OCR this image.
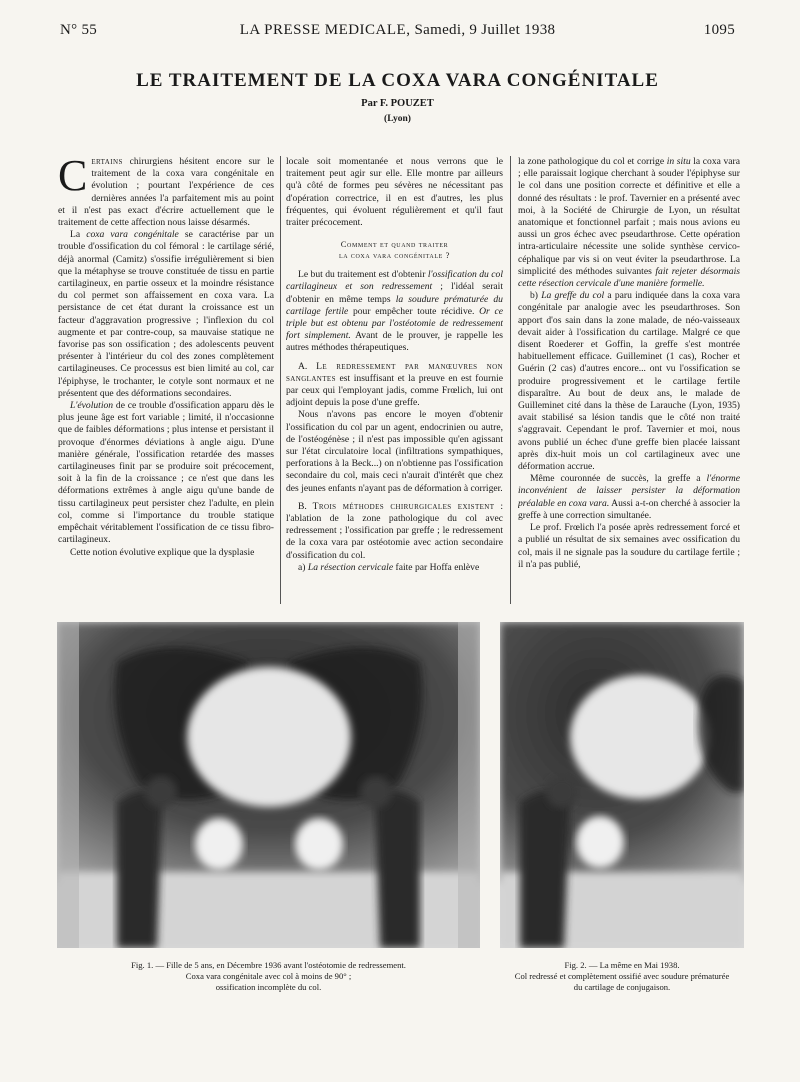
N° 55	LA PRESSE MEDICALE, Samedi, 9 Juillet 1938	1095
LE TRAITEMENT DE LA COXA VARA CONGÉNITALE
Par F. POUZET
(Lyon)

Certains chirurgiens hésitent encore sur le traitement de la coxa vara congénitale en évolution ; pourtant l'expérience de ces dernières années l'a parfaitement mis au point et il n'est pas exact d'écrire actuellement que le traitement de cette affection nous laisse désarmés.

La coxa vara congénitale se caractérise par un trouble d'ossification du col fémoral : le cartilage sérié, déjà anormal (Camitz) s'ossifie irrégulièrement si bien que la métaphyse se trouve constituée de tissu en partie cartilagineux, en partie osseux et la moindre résistance du col permet son affaissement en coxa vara. La persistance de cet état durant la croissance est un facteur d'aggravation progressive ; l'inflexion du col augmente et par contre-coup, sa mauvaise statique ne favorise pas son ossification ; des adolescents peuvent présenter à l'intérieur du col des zones complètement cartilagineuses. Ce processus est bien limité au col, car l'épiphyse, le trochanter, le cotyle sont normaux et ne présentent que des déformations secondaires.

L'évolution de ce trouble d'ossification apparu dès le plus jeune âge est fort variable ; limité, il n'occasionne que de faibles déformations ; plus intense et persistant il provoque d'énormes déviations à angle aigu. D'une manière générale, l'ossification retardée des masses cartilagineuses finit par se produire soit précocement, soit à la fin de la croissance ; ce n'est que dans les déformations extrêmes à angle aigu qu'une bande de tissu cartilagineux peut persister chez l'adulte, en plein col, comme si l'importance du trouble statique empêchait véritablement l'ossification de ce tissu fibro-cartilagineux.

Cette notion évolutive explique que la dysplasie

locale soit momentanée et nous verrons que le traitement peut agir sur elle. Elle montre par ailleurs qu'à côté de formes peu sévères ne nécessitant pas d'opération correctrice, il en est d'autres, les plus fréquentes, qui évoluent régulièrement et qu'il faut traiter précocement.

Comment et quand traiter
la coxa vara congénitale ?

Le but du traitement est d'obtenir l'ossification du col cartilagineux et son redressement ; l'idéal serait d'obtenir en même temps la soudure prématurée du cartilage fertile pour empêcher toute récidive. Or ce triple but est obtenu par l'ostéotomie de redressement fort simplement. Avant de le prouver, je rappelle les autres méthodes thérapeutiques.

A. Le redressement par manœuvres non sanglantes est insuffisant et la preuve en est fournie par ceux qui l'employant jadis, comme Frœlich, lui ont adjoint depuis la pose d'une greffe.

Nous n'avons pas encore le moyen d'obtenir l'ossification du col par un agent, endocrinien ou autre, de l'ostéogénèse ; il n'est pas impossible qu'en agissant sur l'état circulatoire local (infiltrations sympathiques, perforations à la Beck...) on n'obtienne pas l'ossification secondaire du col, mais ceci n'aurait d'intérêt que chez des jeunes enfants n'ayant pas de déformation à corriger.

B. Trois méthodes chirurgicales existent : l'ablation de la zone pathologique du col avec redressement ; l'ossification par greffe ; le redressement de la coxa vara par ostéotomie avec action secondaire d'ossification du col.

a) La résection cervicale faite par Hoffa enlève

la zone pathologique du col et corrige in situ la coxa vara ; elle paraissait logique cherchant à souder l'épiphyse sur le col dans une position correcte et définitive et elle a donné des résultats : le prof. Tavernier en a présenté avec moi, à la Société de Chirurgie de Lyon, un résultat anatomique et fonctionnel parfait ; mais nous avions eu aussi un gros échec avec pseudarthrose. Cette opération intra-articulaire nécessite une solide synthèse cervico-céphalique par vis si on veut éviter la pseudarthrose. La simplicité des méthodes suivantes fait rejeter désormais cette résection cervicale d'une manière formelle.

b) La greffe du col a paru indiquée dans la coxa vara congénitale par analogie avec les pseudarthroses. Son apport d'os sain dans la zone malade, de néo-vaisseaux devait aider à l'ossification du cartilage. Malgré ce que disent Roederer et Goffin, la greffe s'est montrée habituellement efficace. Guilleminet (1 cas), Rocher et Guérin (2 cas) d'autres encore... ont vu l'ossification se produire progressivement et le cartilage fertile disparaître. Au bout de deux ans, le malade de Guilleminet cité dans la thèse de Larauche (Lyon, 1935) avait stabilisé sa lésion tandis que le côté non traité s'aggravait. Cependant le prof. Tavernier et moi, nous avons publié un échec d'une greffe bien placée laissant après dix-huit mois un col cartilagineux avec une déformation accrue.

Même couronnée de succès, la greffe a l'énorme inconvénient de laisser persister la déformation préalable en coxa vara. Aussi a-t-on cherché à associer la greffe à une correction simultanée.

Le prof. Frœlich l'a posée après redressement forcé et a publié un résultat de six semaines avec ossification du col, mais il ne signale pas la soudure du cartilage fertile ; il n'a pas publié,

Fig. 1. — Fille de 5 ans, en Décembre 1936 avant l'ostéotomie de redressement.
Coxa vara congénitale avec col à moins de 90° ;
ossification incomplète du col.
Fig. 2. — La même en Mai 1938.
Col redressé et complètement ossifié avec soudure prématurée
du cartilage de conjugaison.
